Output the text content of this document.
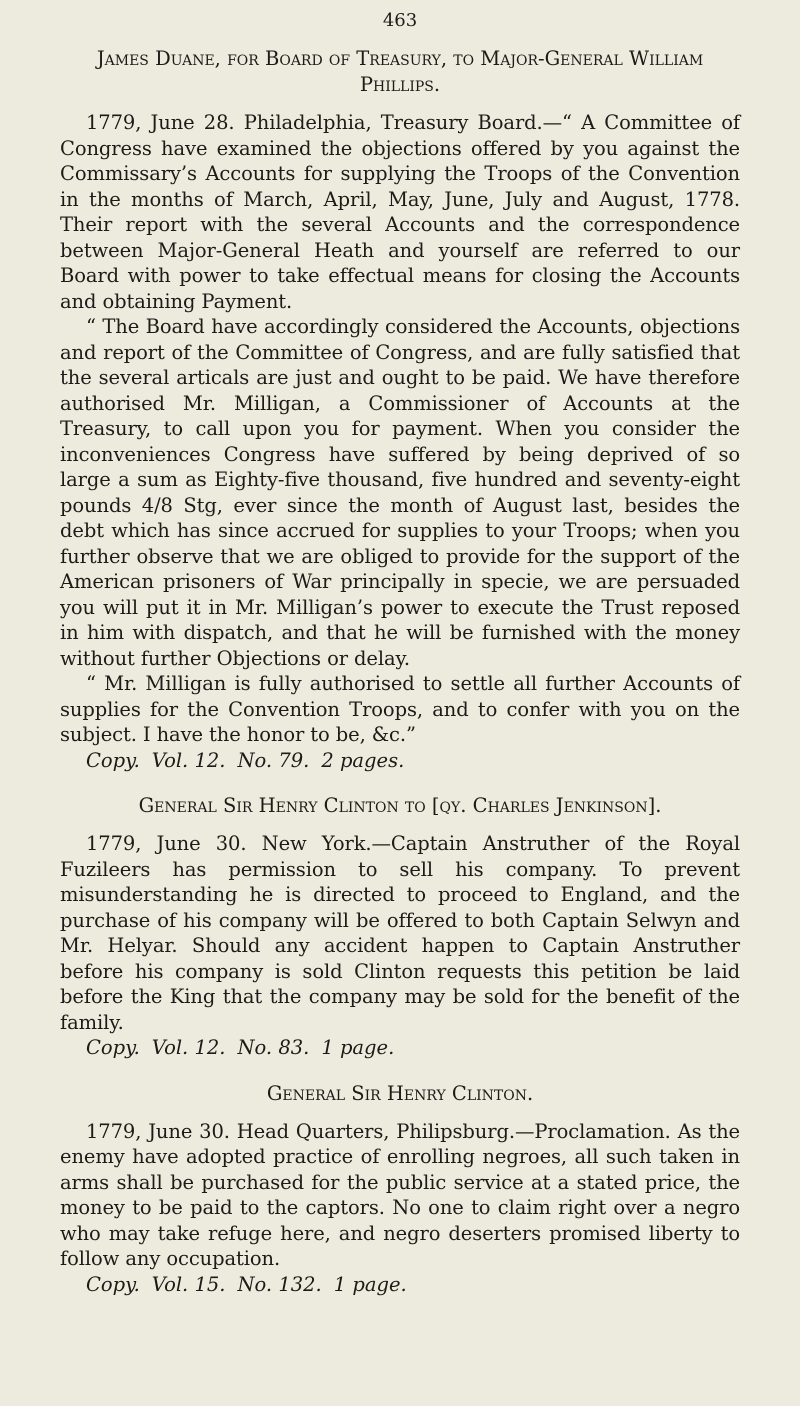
463
James Duane, for Board of Treasury, to Major-General William Phillips.

1779, June 28. Philadelphia, Treasury Board.—“ A Committee of Congress have examined the objections offered by you against the Commissary’s Accounts for supplying the Troops of the Convention in the months of March, April, May, June, July and August, 1778. Their report with the several Accounts and the correspondence between Major-General Heath and yourself are referred to our Board with power to take effectual means for closing the Accounts and obtaining Payment.

“ The Board have accordingly considered the Accounts, objections and report of the Committee of Congress, and are fully satisfied that the several articals are just and ought to be paid. We have therefore authorised Mr. Milligan, a Commissioner of Accounts at the Treasury, to call upon you for payment. When you consider the inconveniences Congress have suffered by being deprived of so large a sum as Eighty-five thousand, five hundred and seventy-eight pounds 4/8 Stg, ever since the month of August last, besides the debt which has since accrued for supplies to your Troops; when you further observe that we are obliged to provide for the support of the American prisoners of War principally in specie, we are persuaded you will put it in Mr. Milligan’s power to execute the Trust reposed in him with dispatch, and that he will be furnished with the money without further Objections or delay.

“ Mr. Milligan is fully authorised to settle all further Accounts of supplies for the Convention Troops, and to confer with you on the subject. I have the honor to be, &c.”

Copy. Vol. 12. No. 79. 2 pages.

General Sir Henry Clinton to [qy. Charles Jenkinson].

1779, June 30. New York.—Captain Anstruther of the Royal Fuzileers has permission to sell his company. To prevent misunderstanding he is directed to proceed to England, and the purchase of his company will be offered to both Captain Selwyn and Mr. Helyar. Should any accident happen to Captain Anstruther before his company is sold Clinton requests this petition be laid before the King that the company may be sold for the benefit of the family.

Copy. Vol. 12. No. 83. 1 page.

General Sir Henry Clinton.

1779, June 30. Head Quarters, Philipsburg.—Proclamation. As the enemy have adopted practice of enrolling negroes, all such taken in arms shall be purchased for the public service at a stated price, the money to be paid to the captors. No one to claim right over a negro who may take refuge here, and negro deserters promised liberty to follow any occupation.

Copy. Vol. 15. No. 132. 1 page.
